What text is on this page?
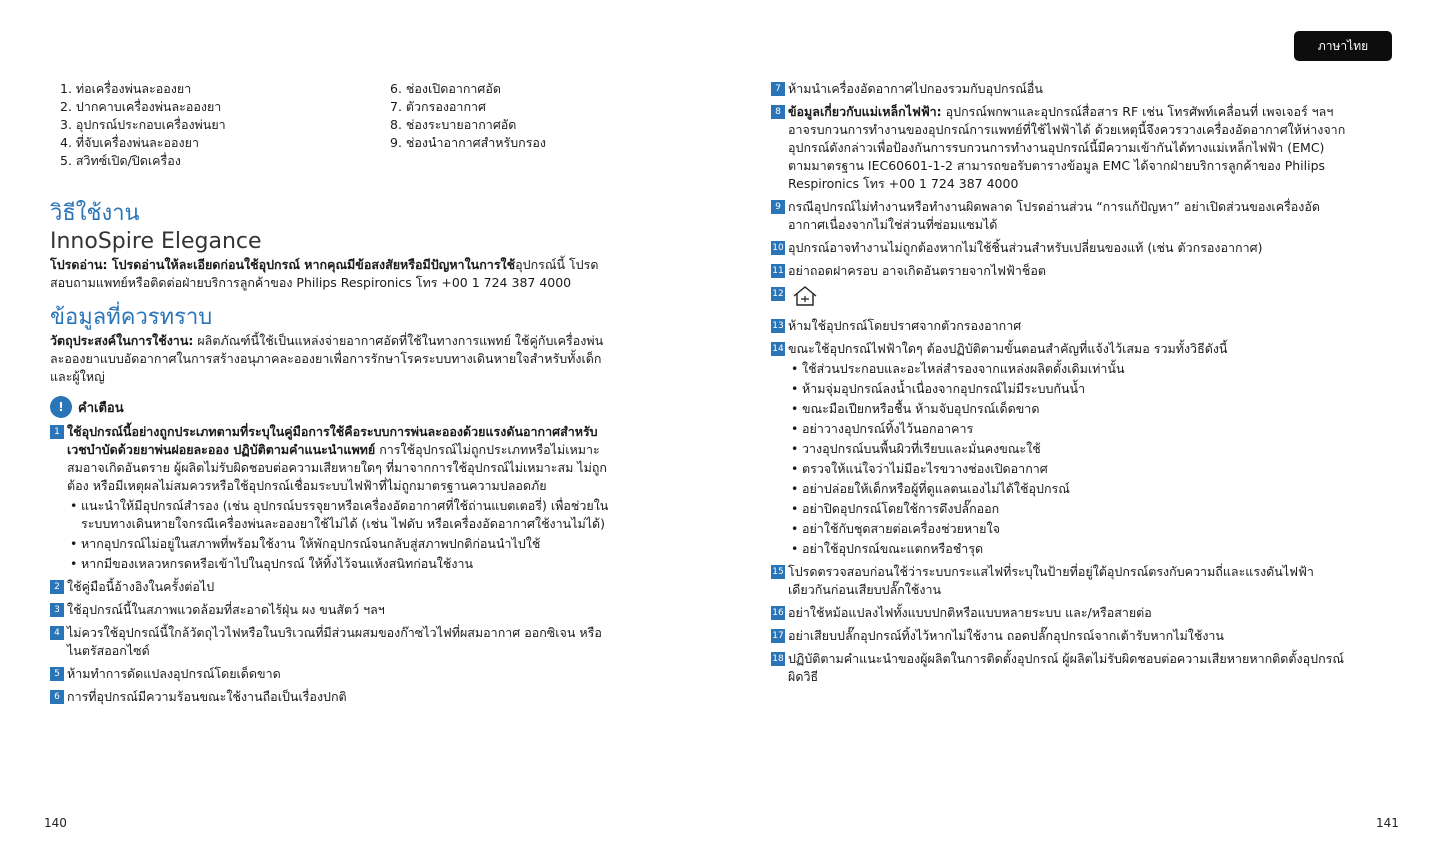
ภาษาไทย
1. ท่อเครื่องพ่นละอองยา
2. ปากคาบเครื่องพ่นละอองยา
3. อุปกรณ์ประกอบเครื่องพ่นยา
4. ที่จับเครื่องพ่นละอองยา
5. สวิทซ์เปิด/ปิดเครื่อง
6. ช่องเปิดอากาศอัด
7. ตัวกรองอากาศ
8. ช่องระบายอากาศอัด
9. ช่องนำอากาศสำหรับกรอง
วิธีใช้งาน
InnoSpire Elegance

โปรดอ่าน: โปรดอ่านให้ละเอียดก่อนใช้อุปกรณ์ หากคุณมีข้อสงสัยหรือมีปัญหาในการใช้อุปกรณ์นี้ โปรดสอบถามแพทย์หรือติดต่อฝ่ายบริการลูกค้าของ Philips Respironics โทร +00 1 724 387 4000

ข้อมูลที่ควรทราบ

วัตถุประสงค์ในการใช้งาน: ผลิตภัณฑ์นี้ใช้เป็นแหล่งจ่ายอากาศอัดที่ใช้ในทางการแพทย์ ใช้คู่กับเครื่องพ่นละอองยาแบบอัดอากาศในการสร้างอนุภาคละอองยาเพื่อการรักษาโรคระบบทางเดินหายใจสำหรับทั้งเด็กและผู้ใหญ่

!	คำเตือน
1 ใช้อุปกรณ์นี้อย่างถูกประเภทตามที่ระบุในคู่มือการใช้คือระบบการพ่นละอองด้วยแรงดันอากาศสำหรับเวชบำบัดด้วยยาพ่นฝอยละออง ปฏิบัติตามคำแนะนำแพทย์ การใช้อุปกรณ์ไม่ถูกประเภทหรือไม่เหมาะสมอาจเกิดอันตราย ผู้ผลิตไม่รับผิดชอบต่อความเสียหายใดๆ ที่มาจากการใช้อุปกรณ์ไม่เหมาะสม ไม่ถูกต้อง หรือมีเหตุผลไม่สมควรหรือใช้อุปกรณ์เชื่อมระบบไฟฟ้าที่ไม่ถูกมาตรฐานความปลอดภัย
• แนะนำให้มีอุปกรณ์สำรอง (เช่น อุปกรณ์บรรจุยาหรือเครื่องอัดอากาศที่ใช้ถ่านแบตเตอรี่) เพื่อช่วยในระบบทางเดินหายใจกรณีเครื่องพ่นละอองยาใช้ไม่ได้ (เช่น ไฟดับ หรือเครื่องอัดอากาศใช้งานไม่ได้)
• หากอุปกรณ์ไม่อยู่ในสภาพที่พร้อมใช้งาน ให้พักอุปกรณ์จนกลับสู่สภาพปกติก่อนนำไปใช้
• หากมีของเหลวหกรดหรือเข้าไปในอุปกรณ์ ให้ทิ้งไว้จนแห้งสนิทก่อนใช้งาน
2 ใช้คู่มือนี้อ้างอิงในครั้งต่อไป
3 ใช้อุปกรณ์นี้ในสภาพแวดล้อมที่สะอาดไร้ฝุ่น ผง ขนสัตว์ ฯลฯ
4 ไม่ควรใช้อุปกรณ์นี้ใกล้วัตถุไวไฟหรือในบริเวณที่มีส่วนผสมของก๊าซไวไฟที่ผสมอากาศ ออกซิเจน หรือไนตรัสออกไซด์
5 ห้ามทำการดัดแปลงอุปกรณ์โดยเด็ดขาด
6 การที่อุปกรณ์มีความร้อนขณะใช้งานถือเป็นเรื่องปกติ
7 ห้ามนำเครื่องอัดอากาศไปกองรวมกับอุปกรณ์อื่น
8 ข้อมูลเกี่ยวกับแม่เหล็กไฟฟ้า: อุปกรณ์พกพาและอุปกรณ์สื่อสาร RF เช่น โทรศัพท์เคลื่อนที่ เพจเจอร์ ฯลฯ อาจรบกวนการทำงานของอุปกรณ์การแพทย์ที่ใช้ไฟฟ้าได้ ด้วยเหตุนี้จึงควรวางเครื่องอัดอากาศให้ห่างจากอุปกรณ์ดังกล่าวเพื่อป้องกันการรบกวนการทำงานอุปกรณ์นี้มีความเข้ากันได้ทางแม่เหล็กไฟฟ้า (EMC) ตามมาตรฐาน IEC60601-1-2 สามารถขอรับตารางข้อมูล EMC ได้จากฝ่ายบริการลูกค้าของ Philips Respironics โทร +00 1 724 387 4000
9 กรณีอุปกรณ์ไม่ทำงานหรือทำงานผิดพลาด โปรดอ่านส่วน “การแก้ปัญหา” อย่าเปิดส่วนของเครื่องอัดอากาศเนื่องจากไม่ใช่ส่วนที่ซ่อมแซมได้
10 อุปกรณ์อาจทำงานไม่ถูกต้องหากไม่ใช้ชิ้นส่วนสำหรับเปลี่ยนของแท้ (เช่น ตัวกรองอากาศ)
11 อย่าถอดฝาครอบ อาจเกิดอันตรายจากไฟฟ้าช็อต
12
13 ห้ามใช้อุปกรณ์โดยปราศจากตัวกรองอากาศ
14 ขณะใช้อุปกรณ์ไฟฟ้าใดๆ ต้องปฏิบัติตามขั้นตอนสำคัญที่แจ้งไว้เสมอ รวมทั้งวิธีดังนี้
• ใช้ส่วนประกอบและอะไหล่สำรองจากแหล่งผลิตดั้งเดิมเท่านั้น
• ห้ามจุ่มอุปกรณ์ลงน้ำเนื่องจากอุปกรณ์ไม่มีระบบกันน้ำ
• ขณะมือเปียกหรือชื้น ห้ามจับอุปกรณ์เด็ดขาด
• อย่าวางอุปกรณ์ทิ้งไว้นอกอาคาร
• วางอุปกรณ์บนพื้นผิวที่เรียบและมั่นคงขณะใช้
• ตรวจให้แน่ใจว่าไม่มีอะไรขวางช่องเปิดอากาศ
• อย่าปล่อยให้เด็กหรือผู้ที่ดูแลตนเองไม่ได้ใช้อุปกรณ์
• อย่าปิดอุปกรณ์โดยใช้การดึงปลั๊กออก
• อย่าใช้กับชุดสายต่อเครื่องช่วยหายใจ
• อย่าใช้อุปกรณ์ขณะแตกหรือชำรุด
15 โปรดตรวจสอบก่อนใช้ว่าระบบกระแสไฟที่ระบุในป้ายที่อยู่ใต้อุปกรณ์ตรงกับความถี่และแรงดันไฟฟ้าเดียวกันก่อนเสียบปลั๊กใช้งาน
16 อย่าใช้หม้อแปลงไฟทั้งแบบปกติหรือแบบหลายระบบ และ/หรือสายต่อ
17 อย่าเสียบปลั๊กอุปกรณ์ทิ้งไว้หากไม่ใช้งาน ถอดปลั๊กอุปกรณ์จากเต้ารับหากไม่ใช้งาน
18 ปฏิบัติตามคำแนะนำของผู้ผลิตในการติดตั้งอุปกรณ์ ผู้ผลิตไม่รับผิดชอบต่อความเสียหายหากติดตั้งอุปกรณ์ผิดวิธี
140	141
